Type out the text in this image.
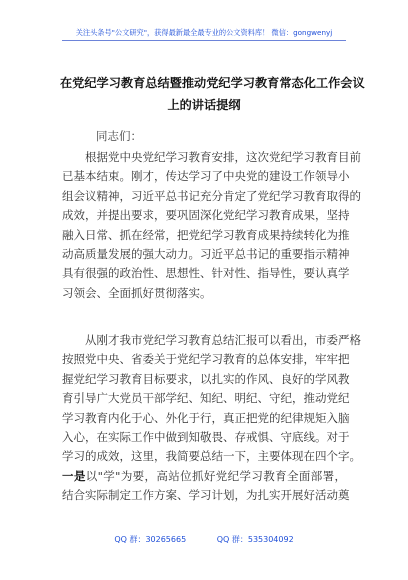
关注头条号"公文研究"，获得最新最全最专业的公文资料库！ 微信：gongwenyj
在党纪学习教育总结暨推动党纪学习教育常态化工作会议
上的讲话提纲
同志们：
　　根据党中央党纪学习教育安排，这次党纪学习教育目前
已基本结束。刚才，传达学习了中央党的建设工作领导小
组会议精神，习近平总书记充分肯定了党纪学习教育取得的
成效，并提出要求，要巩固深化党纪学习教育成果，坚持
融入日常、抓在经常，把党纪学习教育成果持续转化为推
动高质量发展的强大动力。习近平总书记的重要指示精神
具有很强的政治性、思想性、针对性、指导性，要认真学
习领会、全面抓好贯彻落实。
　　从刚才我市党纪学习教育总结汇报可以看出，市委严格
按照党中央、省委关于党纪学习教育的总体安排，牢牢把
握党纪学习教育目标要求，以扎实的作风、良好的学风教
育引导广大党员干部学纪、知纪、明纪、守纪，推动党纪
学习教育内化于心、外化于行，真正把党的纪律规矩入脑
入心，在实际工作中做到知敬畏、存戒惧、守底线。对于
学习的成效，这里，我简要总结一下，主要体现在四个字。
一是以"学"为要，高站位抓好党纪学习教育全面部署，
结合实际制定工作方案、学习计划，为扎实开展好活动奠
QQ 群：30265665	QQ 群：535304092
